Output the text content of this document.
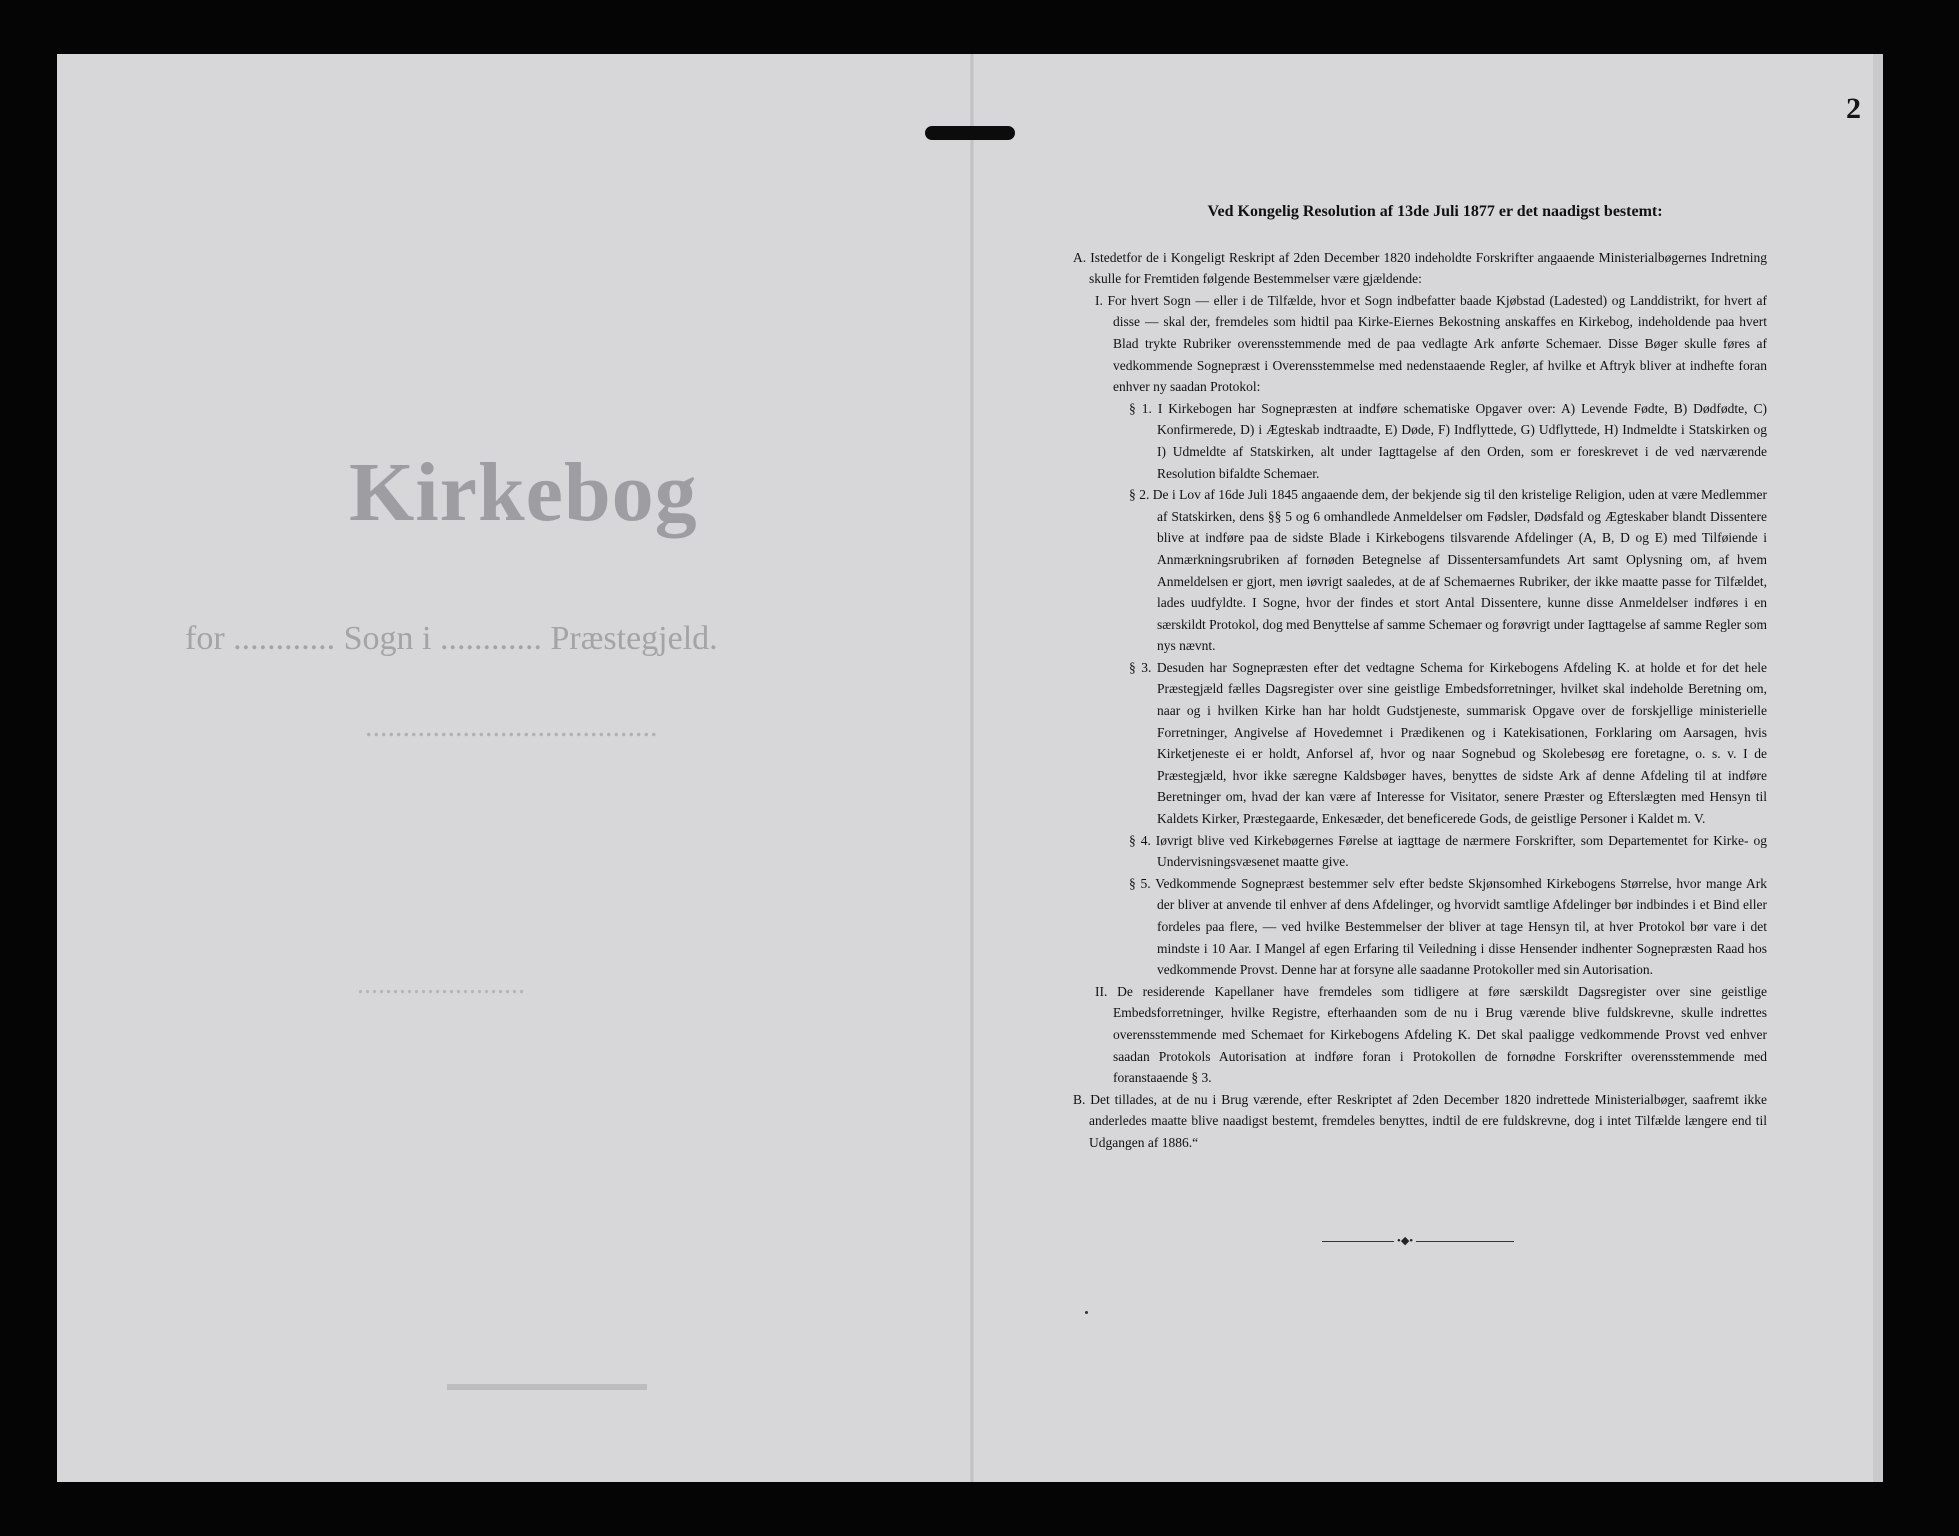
2
Kirkebog
for ............ Sogn i ............ Præstegjeld.
.......................................
........................
Ved Kongelig Resolution af 13de Juli 1877 er det naadigst bestemt:

A. Istedetfor de i Kongeligt Reskript af 2den December 1820 indeholdte Forskrifter angaaende Ministerialbøgernes Indretning skulle for Fremtiden følgende Bestemmelser være gjældende:

I. For hvert Sogn — eller i de Tilfælde, hvor et Sogn indbefatter baade Kjøbstad (Ladested) og Landdistrikt, for hvert af disse — skal der, fremdeles som hidtil paa Kirke-Eiernes Bekostning anskaffes en Kirkebog, indeholdende paa hvert Blad trykte Rubriker overensstemmende med de paa vedlagte Ark anførte Schemaer. Disse Bøger skulle føres af vedkommende Sognepræst i Overensstemmelse med nedenstaaende Regler, af hvilke et Aftryk bliver at indhefte foran enhver ny saadan Protokol:

§ 1. I Kirkebogen har Sognepræsten at indføre schematiske Opgaver over: A) Levende Fødte, B) Dødfødte, C) Konfirmerede, D) i Ægteskab indtraadte, E) Døde, F) Indflyttede, G) Udflyttede, H) Indmeldte i Statskirken og I) Udmeldte af Statskirken, alt under Iagttagelse af den Orden, som er foreskrevet i de ved nærværende Resolution bifaldte Schemaer.

§ 2. De i Lov af 16de Juli 1845 angaaende dem, der bekjende sig til den kristelige Religion, uden at være Medlemmer af Statskirken, dens §§ 5 og 6 omhandlede Anmeldelser om Fødsler, Dødsfald og Ægteskaber blandt Dissentere blive at indføre paa de sidste Blade i Kirkebogens tilsvarende Afdelinger (A, B, D og E) med Tilføiende i Anmærkningsrubriken af fornøden Betegnelse af Dissentersamfundets Art samt Oplysning om, af hvem Anmeldelsen er gjort, men iøvrigt saaledes, at de af Schemaernes Rubriker, der ikke maatte passe for Tilfældet, lades uudfyldte. I Sogne, hvor der findes et stort Antal Dissentere, kunne disse Anmeldelser indføres i en særskildt Protokol, dog med Benyttelse af samme Schemaer og forøvrigt under Iagttagelse af samme Regler som nys nævnt.

§ 3. Desuden har Sognepræsten efter det vedtagne Schema for Kirkebogens Afdeling K. at holde et for det hele Præstegjæld fælles Dagsregister over sine geistlige Embedsforretninger, hvilket skal indeholde Beretning om, naar og i hvilken Kirke han har holdt Gudstjeneste, summarisk Opgave over de forskjellige ministerielle Forretninger, Angivelse af Hovedemnet i Prædikenen og i Katekisationen, Forklaring om Aarsagen, hvis Kirketjeneste ei er holdt, Anforsel af, hvor og naar Sognebud og Skolebesøg ere foretagne, o. s. v. I de Præstegjæld, hvor ikke særegne Kaldsbøger haves, benyttes de sidste Ark af denne Afdeling til at indføre Beretninger om, hvad der kan være af Interesse for Visitator, senere Præster og Efterslægten med Hensyn til Kaldets Kirker, Præstegaarde, Enkesæder, det beneficerede Gods, de geistlige Personer i Kaldet m. V.

§ 4. Iøvrigt blive ved Kirkebøgernes Førelse at iagttage de nærmere Forskrifter, som Departementet for Kirke- og Undervisningsvæsenet maatte give.

§ 5. Vedkommende Sognepræst bestemmer selv efter bedste Skjønsomhed Kirkebogens Størrelse, hvor mange Ark der bliver at anvende til enhver af dens Afdelinger, og hvorvidt samtlige Afdelinger bør indbindes i et Bind eller fordeles paa flere, — ved hvilke Bestemmelser der bliver at tage Hensyn til, at hver Protokol bør vare i det mindste i 10 Aar. I Mangel af egen Erfaring til Veiledning i disse Hensender indhenter Sognepræsten Raad hos vedkommende Provst. Denne har at forsyne alle saadanne Protokoller med sin Autorisation.

II. De residerende Kapellaner have fremdeles som tidligere at føre særskildt Dagsregister over sine geistlige Embedsforretninger, hvilke Registre, efterhaanden som de nu i Brug værende blive fuldskrevne, skulle indrettes overensstemmende med Schemaet for Kirkebogens Afdeling K. Det skal paaligge vedkommende Provst ved enhver saadan Protokols Autorisation at indføre foran i Protokollen de fornødne Forskrifter overensstemmende med foranstaaende § 3.

B. Det tillades, at de nu i Brug værende, efter Reskriptet af 2den December 1820 indrettede Ministerialbøger, saafremt ikke anderledes maatte blive naadigst bestemt, fremdeles benyttes, indtil de ere fuldskrevne, dog i intet Tilfælde længere end til Udgangen af 1886.“

•◆•
